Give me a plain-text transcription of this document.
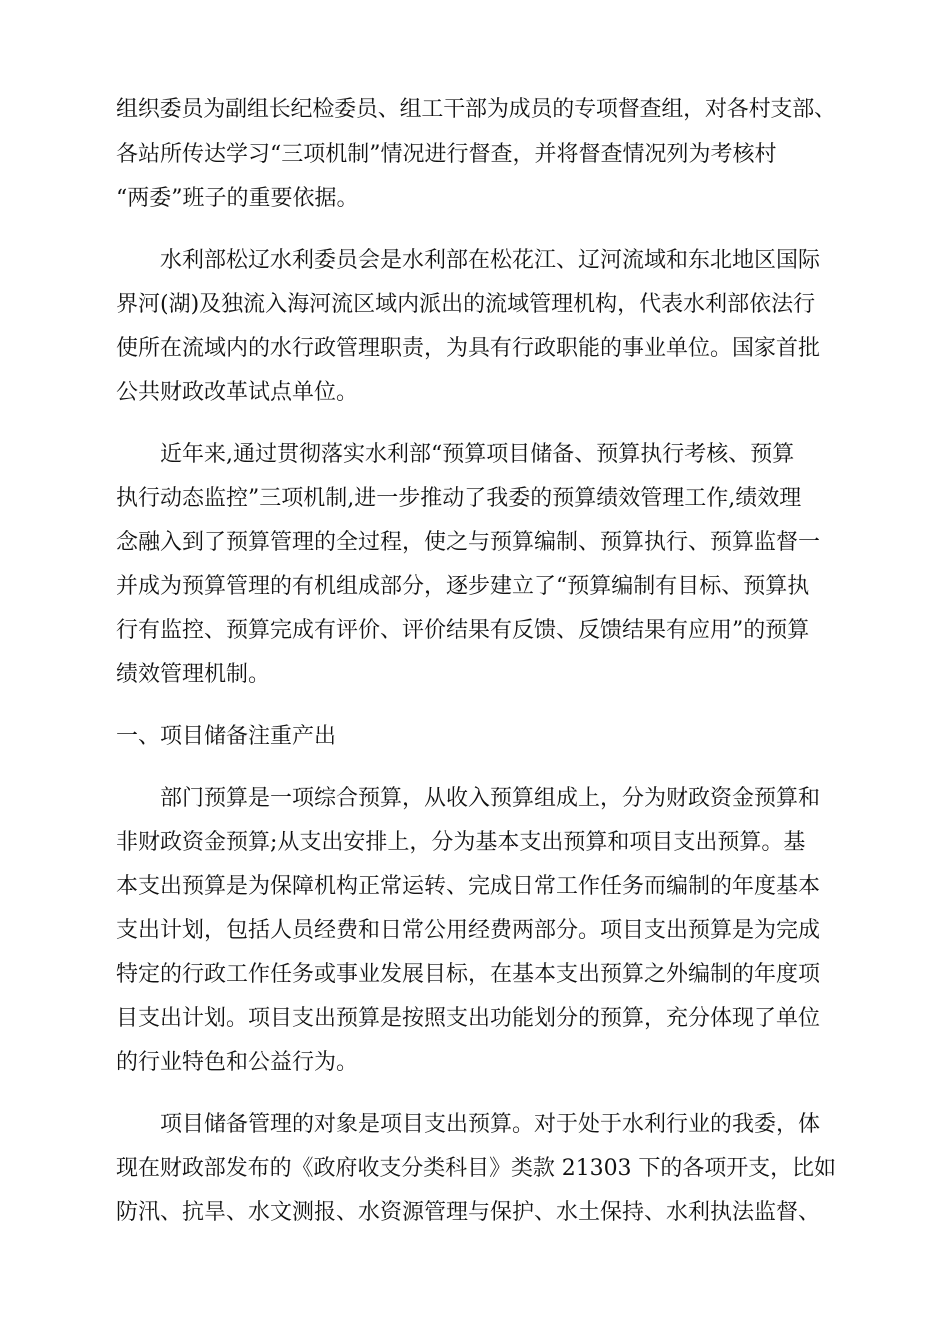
组织委员为副组长纪检委员、组工干部为成员的专项督查组，对各村支部、
各站所传达学习“三项机制”情况进行督查，并将督查情况列为考核村
“两委”班子的重要依据。
水利部松辽水利委员会是水利部在松花江、辽河流域和东北地区国际
界河(湖)及独流入海河流区域内派出的流域管理机构，代表水利部依法行
使所在流域内的水行政管理职责，为具有行政职能的事业单位。国家首批
公共财政改革试点单位。
近年来,通过贯彻落实水利部“预算项目储备、预算执行考核、预算
执行动态监控”三项机制,进一步推动了我委的预算绩效管理工作,绩效理
念融入到了预算管理的全过程，使之与预算编制、预算执行、预算监督一
并成为预算管理的有机组成部分，逐步建立了“预算编制有目标、预算执
行有监控、预算完成有评价、评价结果有反馈、反馈结果有应用”的预算
绩效管理机制。
一、项目储备注重产出
部门预算是一项综合预算，从收入预算组成上，分为财政资金预算和
非财政资金预算;从支出安排上，分为基本支出预算和项目支出预算。基
本支出预算是为保障机构正常运转、完成日常工作任务而编制的年度基本
支出计划，包括人员经费和日常公用经费两部分。项目支出预算是为完成
特定的行政工作任务或事业发展目标，在基本支出预算之外编制的年度项
目支出计划。项目支出预算是按照支出功能划分的预算，充分体现了单位
的行业特色和公益行为。
项目储备管理的对象是项目支出预算。对于处于水利行业的我委，体
现在财政部发布的《政府收支分类科目》类款 21303 下的各项开支，比如
防汛、抗旱、水文测报、水资源管理与保护、水土保持、水利执法监督、
